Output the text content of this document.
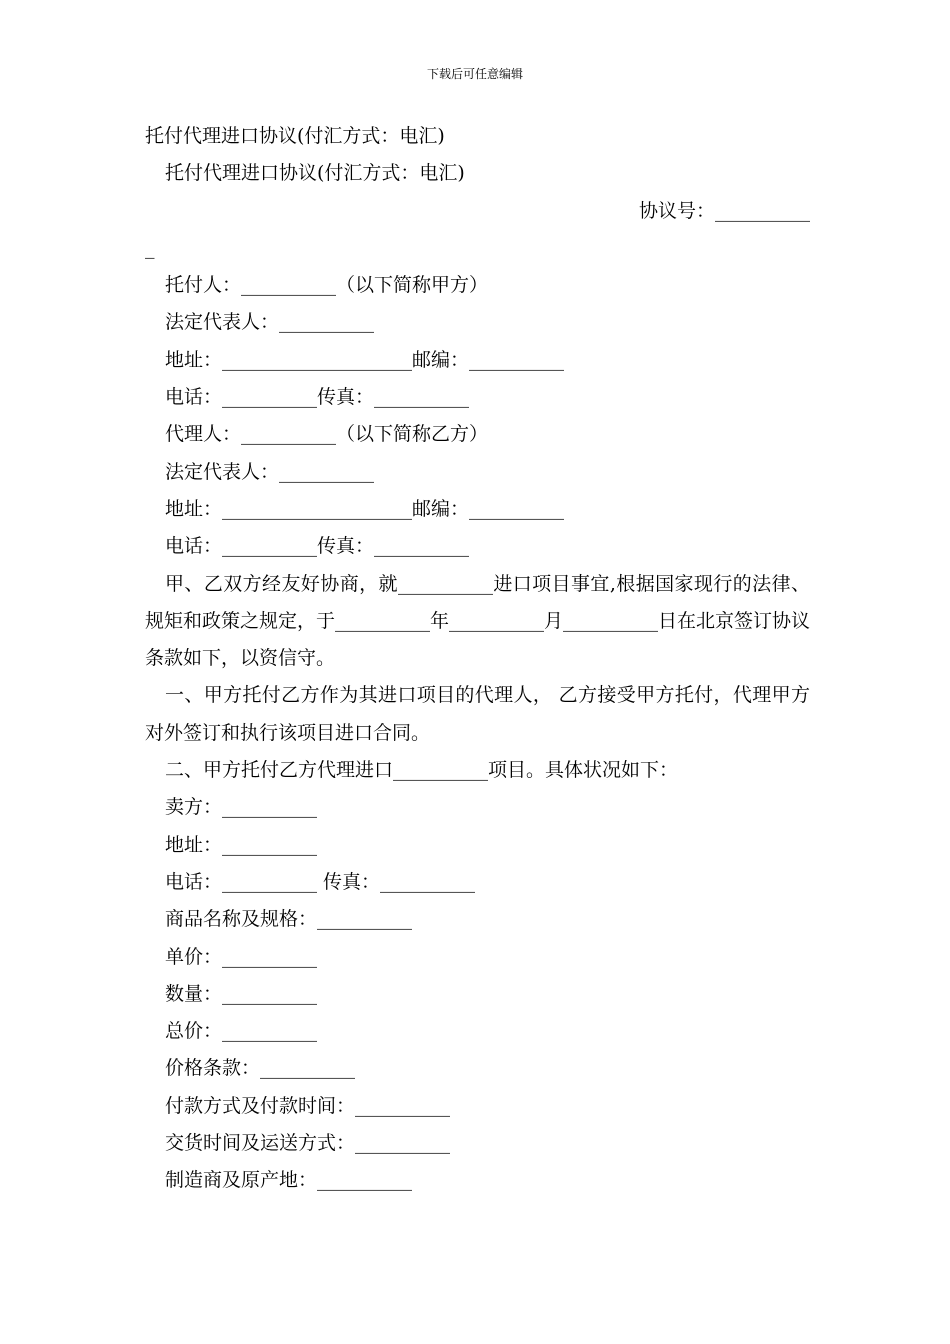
下载后可任意编辑
托付代理进口协议(付汇方式：电汇)
托付代理进口协议(付汇方式：电汇)
协议号：__________
_
托付人：__________（以下简称甲方）
法定代表人：__________
地址：____________________邮编：__________
电话：__________传真：__________
代理人：__________（以下简称乙方）
法定代表人：__________
地址：____________________邮编：__________
电话：__________传真：__________
甲、乙双方经友好协商，就__________进口项目事宜,根据国家现行的法律、规矩和政策之规定，于__________年__________月__________日在北京签订协议条款如下，以资信守。
一、甲方托付乙方作为其进口项目的代理人， 乙方接受甲方托付，代理甲方对外签订和执行该项目进口合同。
二、甲方托付乙方代理进口__________项目。具体状况如下：
卖方：__________
地址：__________
电话：__________ 传真：__________
商品名称及规格：__________
单价：__________
数量：__________
总价：__________
价格条款：__________
付款方式及付款时间：__________
交货时间及运送方式：__________
制造商及原产地：__________
